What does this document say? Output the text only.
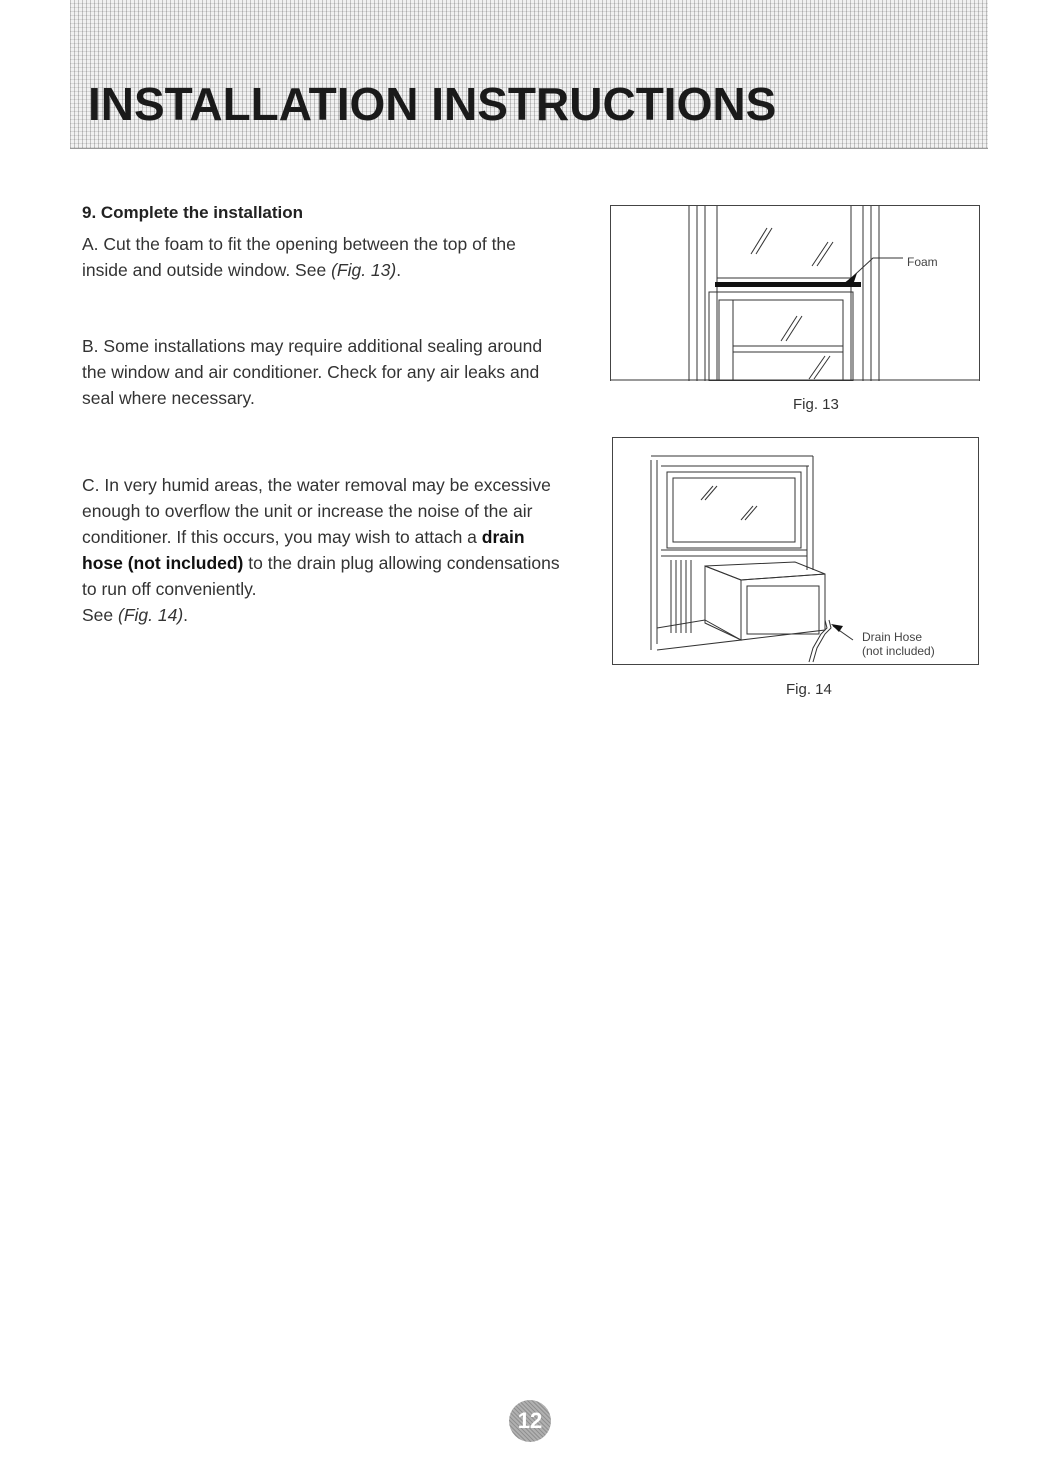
INSTALLATION INSTRUCTIONS
9. Complete the installation

A. Cut the foam to fit the opening between the top of the inside and outside window. See (Fig. 13).

B. Some installations may require additional sealing around the window and air conditioner. Check for any air leaks and seal where necessary.

C. In very humid areas, the water removal may be excessive enough to overflow the unit or increase the noise of the air conditioner. If this occurs, you may wish to attach a drain hose (not included) to the drain plug allowing condensations to run off conveniently.
See (Fig. 14).

Foam

Fig. 13

Drain Hose
(not included)

Fig. 14

12
